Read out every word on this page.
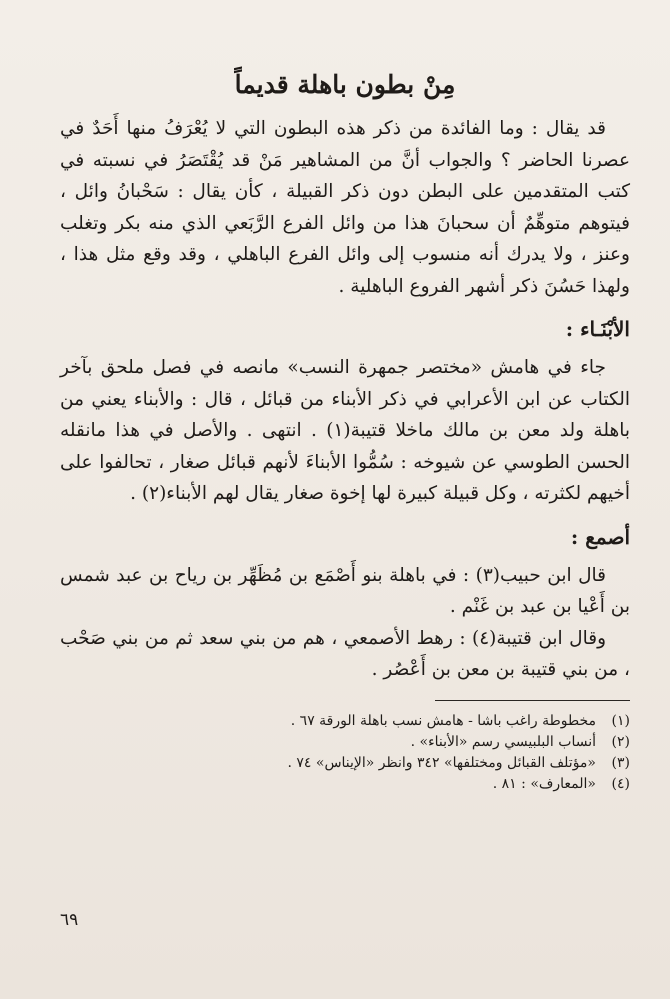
مِنْ بطون باهلة قديماً

قد يقال : وما الفائدة من ذكر هذه البطون التي لا يُعْرَفُ منها أَحَدٌ في عصرنا الحاضر ؟ والجواب أنَّ من المشاهير مَنْ قد يُقْتَصَرُ في نسبته في كتب المتقدمين على البطن دون ذكر القبيلة ، كأن يقال : سَحْبانُ وائل ، فيتوهم متوهِّمٌ أن سحبانَ هذا من وائل الفرع الرَّبَعي الذي منه بكر وتغلب وعنز ، ولا يدرك أنه منسوب إلى وائل الفرع الباهلي ، وقد وقع مثل هذا ، ولهذا حَسُنَ ذكر أشهر الفروع الباهلية .

الأبْنَـاء :

جاء في هامش «مختصر جمهرة النسب» مانصه في فصل ملحق بآخر الكتاب عن ابن الأعرابي في ذكر الأبناء من قبائل ، قال : والأبناء يعني من باهلة ولد معن بن مالك ماخلا قتيبة(١) . انتهى . والأصل في هذا مانقله الحسن الطوسي عن شيوخه : سُمُّوا الأبناءَ لأنهم قبائل صغار ، تحالفوا على أخيهم لكثرته ، وكل قبيلة كبيرة لها إخوة صغار يقال لهم الأبناء(٢) .

أصمع :

قال ابن حبيب(٣) : في باهلة بنو أَصْمَع بن مُظَهِّر بن رياح بن عبد شمس بن أَعْيا بن عبد بن غَنْم .

وقال ابن قتيبة(٤) : رهط الأصمعي ، هم من بني سعد ثم من بني صَحْب ، من بني قتيبة بن معن بن أَعْصُر .

(١)
مخطوطة راغب باشا - هامش نسب باهلة الورقة ٦٧ .
(٢)
أنساب البلبيسي رسم «الأبناء» .
(٣)
«مؤتلف القبائل ومختلفها» ٣٤٢ وانظر «الإيناس» ٧٤ .
(٤)
«المعارف» : ٨١ .
٦٩
